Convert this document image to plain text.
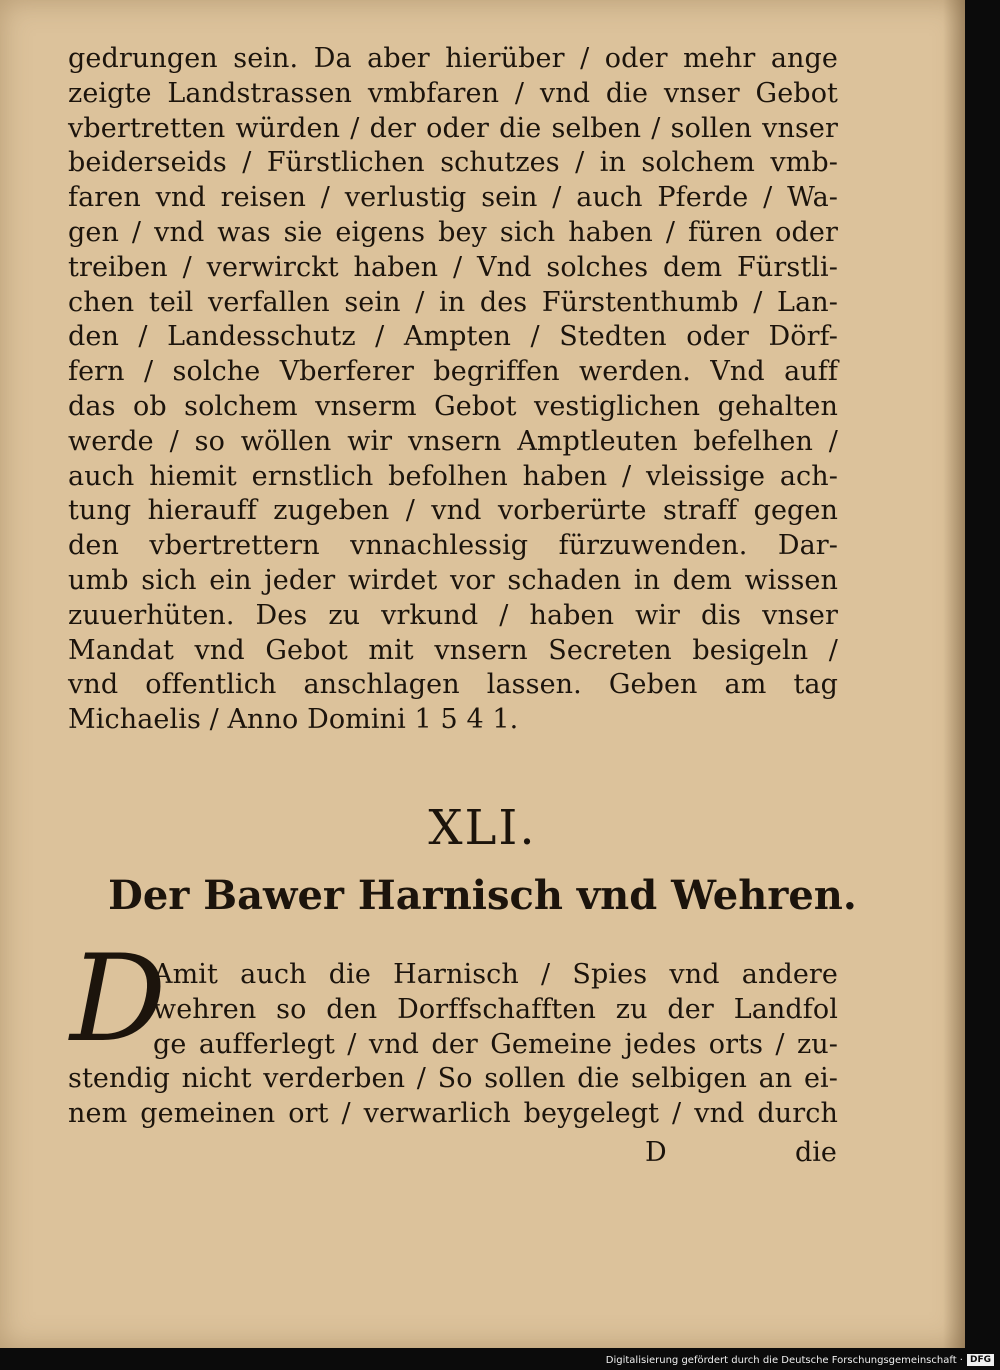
gedrungen sein. Da aber hierüber / oder mehr ange
zeigte Landstrassen vmbfaren / vnd die vnser Gebot
vbertretten würden / der oder die selben / sollen vnser
beiderseids / Fürstlichen schutzes / in solchem vmb-
faren vnd reisen / verlustig sein / auch Pferde / Wa-
gen / vnd was sie eigens bey sich haben / füren oder
treiben / verwirckt haben / Vnd solches dem Fürstli-
chen teil verfallen sein / in des Fürstenthumb / Lan-
den / Landesschutz / Ampten / Stedten oder Dörf-
fern / solche Vberferer begriffen werden. Vnd auff
das ob solchem vnserm Gebot vestiglichen gehalten
werde / so wöllen wir vnsern Amptleuten befelhen /
auch hiemit ernstlich befolhen haben / vleissige ach-
tung hierauff zugeben / vnd vorberürte straff gegen
den vbertrettern vnnachlessig fürzuwenden. Dar-
umb sich ein jeder wirdet vor schaden in dem wissen
zuuerhüten. Des zu vrkund / haben wir dis vnser
Mandat vnd Gebot mit vnsern Secreten besigeln /
vnd offentlich anschlagen lassen. Geben am tag
Michaelis / Anno Domini 1 5 4 1.
XLI.
Der Bawer Harnisch vnd Wehren.
D
Amit auch die Harnisch / Spies vnd andere
wehren so den Dorffschafften zu der Landfol
ge aufferlegt / vnd der Gemeine jedes orts / zu-
stendig nicht verderben / So sollen die selbigen an ei-
nem gemeinen ort / verwarlich beygelegt / vnd durch
D	die
Digitalisierung gefördert durch die Deutsche Forschungsgemeinschaft · DFG
